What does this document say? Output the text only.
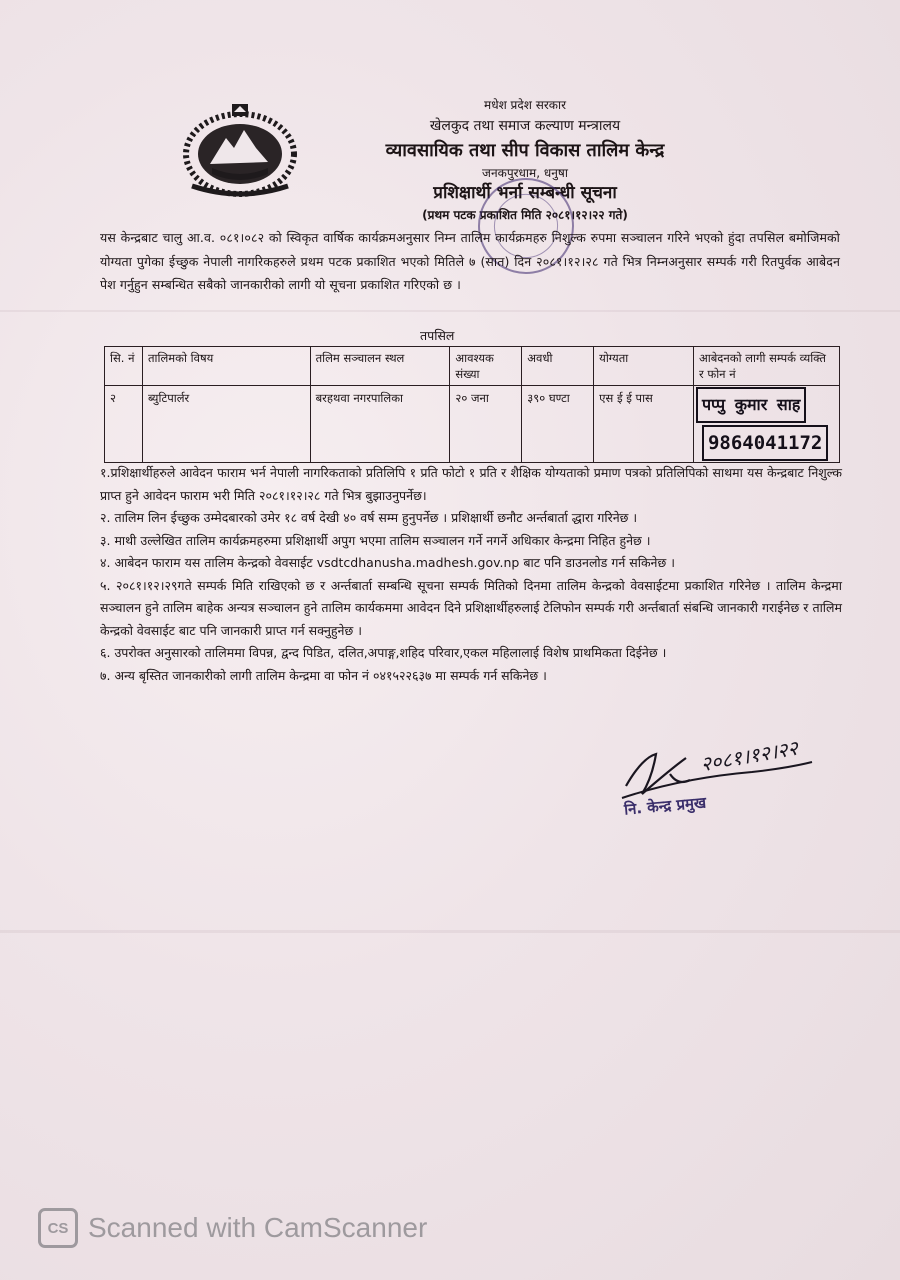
मधेश प्रदेश सरकार
खेलकुद तथा समाज कल्याण मन्त्रालय
व्यावसायिक तथा सीप विकास तालिम केन्द्र
जनकपुरधाम, धनुषा
प्रशिक्षार्थी भर्ना सम्बन्धी सूचना
(प्रथम पटक प्रकाशित मिति २०८१।१२।२२ गते)
यस केन्द्रबाट चालु आ.व. ०८१।०८२ को स्विकृत वार्षिक कार्यक्रमअनुसार निम्न तालिम कार्यक्रमहरु निशुल्क रुपमा सञ्चालन गरिने भएको हुंदा तपसिल बमोजिमको योग्यता पुगेका ईच्छुक नेपाली नागरिकहरुले प्रथम पटक प्रकाशित भएको मितिले ७ (सात) दिन २०८१।१२।२८ गते भित्र निम्नअनुसार सम्पर्क गरी रितपुर्वक आबेदन पेश गर्नुहुन सम्बन्धित सबैको जानकारीको लागी यो सूचना प्रकाशित गरिएको छ ।
तपसिल
सि. नं	तालिमको विषय	तलिम सञ्चालन स्थल	आवश्यक संख्या	अवधी	योग्यता	आबेदनको लागी सम्पर्क व्यक्ति र फोन नं
२	ब्युटिपार्लर	बरहथवा नगरपालिका	२० जना	३९० घण्टा	एस ई ई पास	पप्पु कुमार साह
9864041172

१.प्रशिक्षार्थीहरुले आवेदन फाराम भर्न नेपाली नागरिकताको प्रतिलिपि १ प्रति फोटो १ प्रति र शैक्षिक योग्यताको प्रमाण पत्रको प्रतिलिपिको साथमा यस केन्द्रबाट निशुल्क प्राप्त हुने आवेदन फाराम भरी मिति २०८१।१२।२८ गते भित्र बुझाउनुपर्नेछ।

२. तालिम लिन ईच्छुक उम्मेदबारको उमेर १८ वर्ष देखी ४० वर्ष सम्म हुनुपर्नेछ । प्रशिक्षार्थी छनौट अर्न्तबार्ता द्धारा गरिनेछ ।

३. माथी उल्लेखित तालिम कार्यक्रमहरुमा प्रशिक्षार्थी अपुग भएमा तालिम सञ्चालन गर्ने नगर्ने अधिकार केन्द्रमा निहित हुनेछ ।

४. आबेदन फाराम यस तालिम केन्द्रको वेवसाईट vsdtcdhanusha.madhesh.gov.np बाट पनि डाउनलोड गर्न सकिनेछ ।

५. २०८१।१२।२९गते सम्पर्क मिति राखिएको छ र अर्न्तबार्ता सम्बन्धि सूचना सम्पर्क मितिको दिनमा तालिम केन्द्रको वेवसाईटमा प्रकाशित गरिनेछ । तालिम केन्द्रमा सञ्चालन हुने तालिम बाहेक अन्यत्र सञ्चालन हुने तालिम कार्यकममा आवेदन दिने प्रशिक्षार्थीहरुलाई टेलिफोन सम्पर्क गरी अर्न्तबार्ता संबन्धि जानकारी गराईनेछ र तालिम केन्द्रको वेवसाईट बाट पनि जानकारी प्राप्त गर्न सक्नुहुनेछ ।

६. उपरोक्त अनुसारको तालिममा विपन्न, द्वन्द पिडित, दलित,अपाङ्ग,शहिद परिवार,एकल महिलालाई विशेष प्राथमिकता दिईनेछ ।

७. अन्य बृस्तित जानकारीको लागी तालिम केन्द्रमा वा फोन नं ०४१५२२६३७ मा सम्पर्क गर्न सकिनेछ ।

२०८१।१२।२२
नि. केन्द्र प्रमुख
CS Scanned with CamScanner
